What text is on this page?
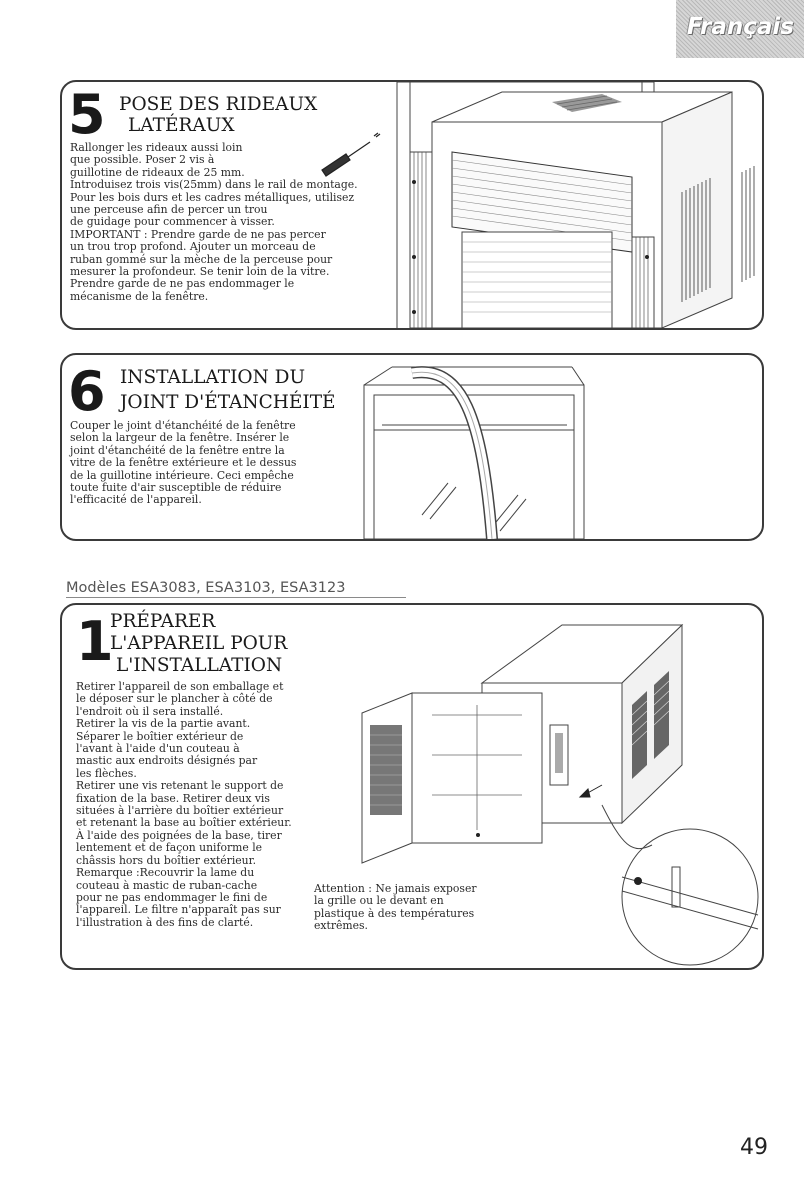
Français
5 POSE DES RIDEAUX
LATÉRAUX
Rallonger les rideaux aussi loin
que possible. Poser 2 vis à
guillotine de rideaux de 25 mm.
Introduisez trois vis(25mm) dans le rail de montage.
Pour les bois durs et les cadres métalliques, utilisez
une perceuse afin de percer un trou
de guidage pour commencer à visser.
IMPORTANT : Prendre garde de ne pas percer
un trou trop profond. Ajouter un morceau de
ruban gommé sur la mèche de la perceuse pour
mesurer la profondeur. Se tenir loin de la vitre.
Prendre garde de ne pas endommager le
mécanisme de la fenêtre.
6 INSTALLATION DU
JOINT D'ÉTANCHÉITÉ
Couper le joint d'étanchéité de la fenêtre
selon la largeur de la fenêtre. Insérer le
joint d'étanchéité de la fenêtre entre la
vitre de la fenêtre extérieure et le dessus
de la guillotine intérieure. Ceci empêche
toute fuite d'air susceptible de réduire
l'efficacité de l'appareil.
Modèles ESA3083, ESA3103, ESA3123
1
PRÉPARER
L'APPAREIL POUR
L'INSTALLATION
Retirer l'appareil de son emballage et
le déposer sur le plancher à côté de
l'endroit où il sera installé.
Retirer la vis de la partie avant.
Séparer le boîtier extérieur de
l'avant à l'aide d'un couteau à
mastic aux endroits désignés par
les flèches.
Retirer une vis retenant le support de
fixation de la base. Retirer deux vis
situées à l'arrière du boîtier extérieur
et retenant la base au boîtier extérieur.
À l'aide des poignées de la base, tirer
lentement et de façon uniforme le
châssis hors du boîtier extérieur.
Remarque :Recouvrir la lame du
couteau à mastic de ruban-cache
pour ne pas endommager le fini de
l'appareil. Le filtre n'apparaît pas sur
l'illustration à des fins de clarté.
Attention : Ne jamais exposer
la grille ou le devant en
plastique à des températures
extrêmes.
49
